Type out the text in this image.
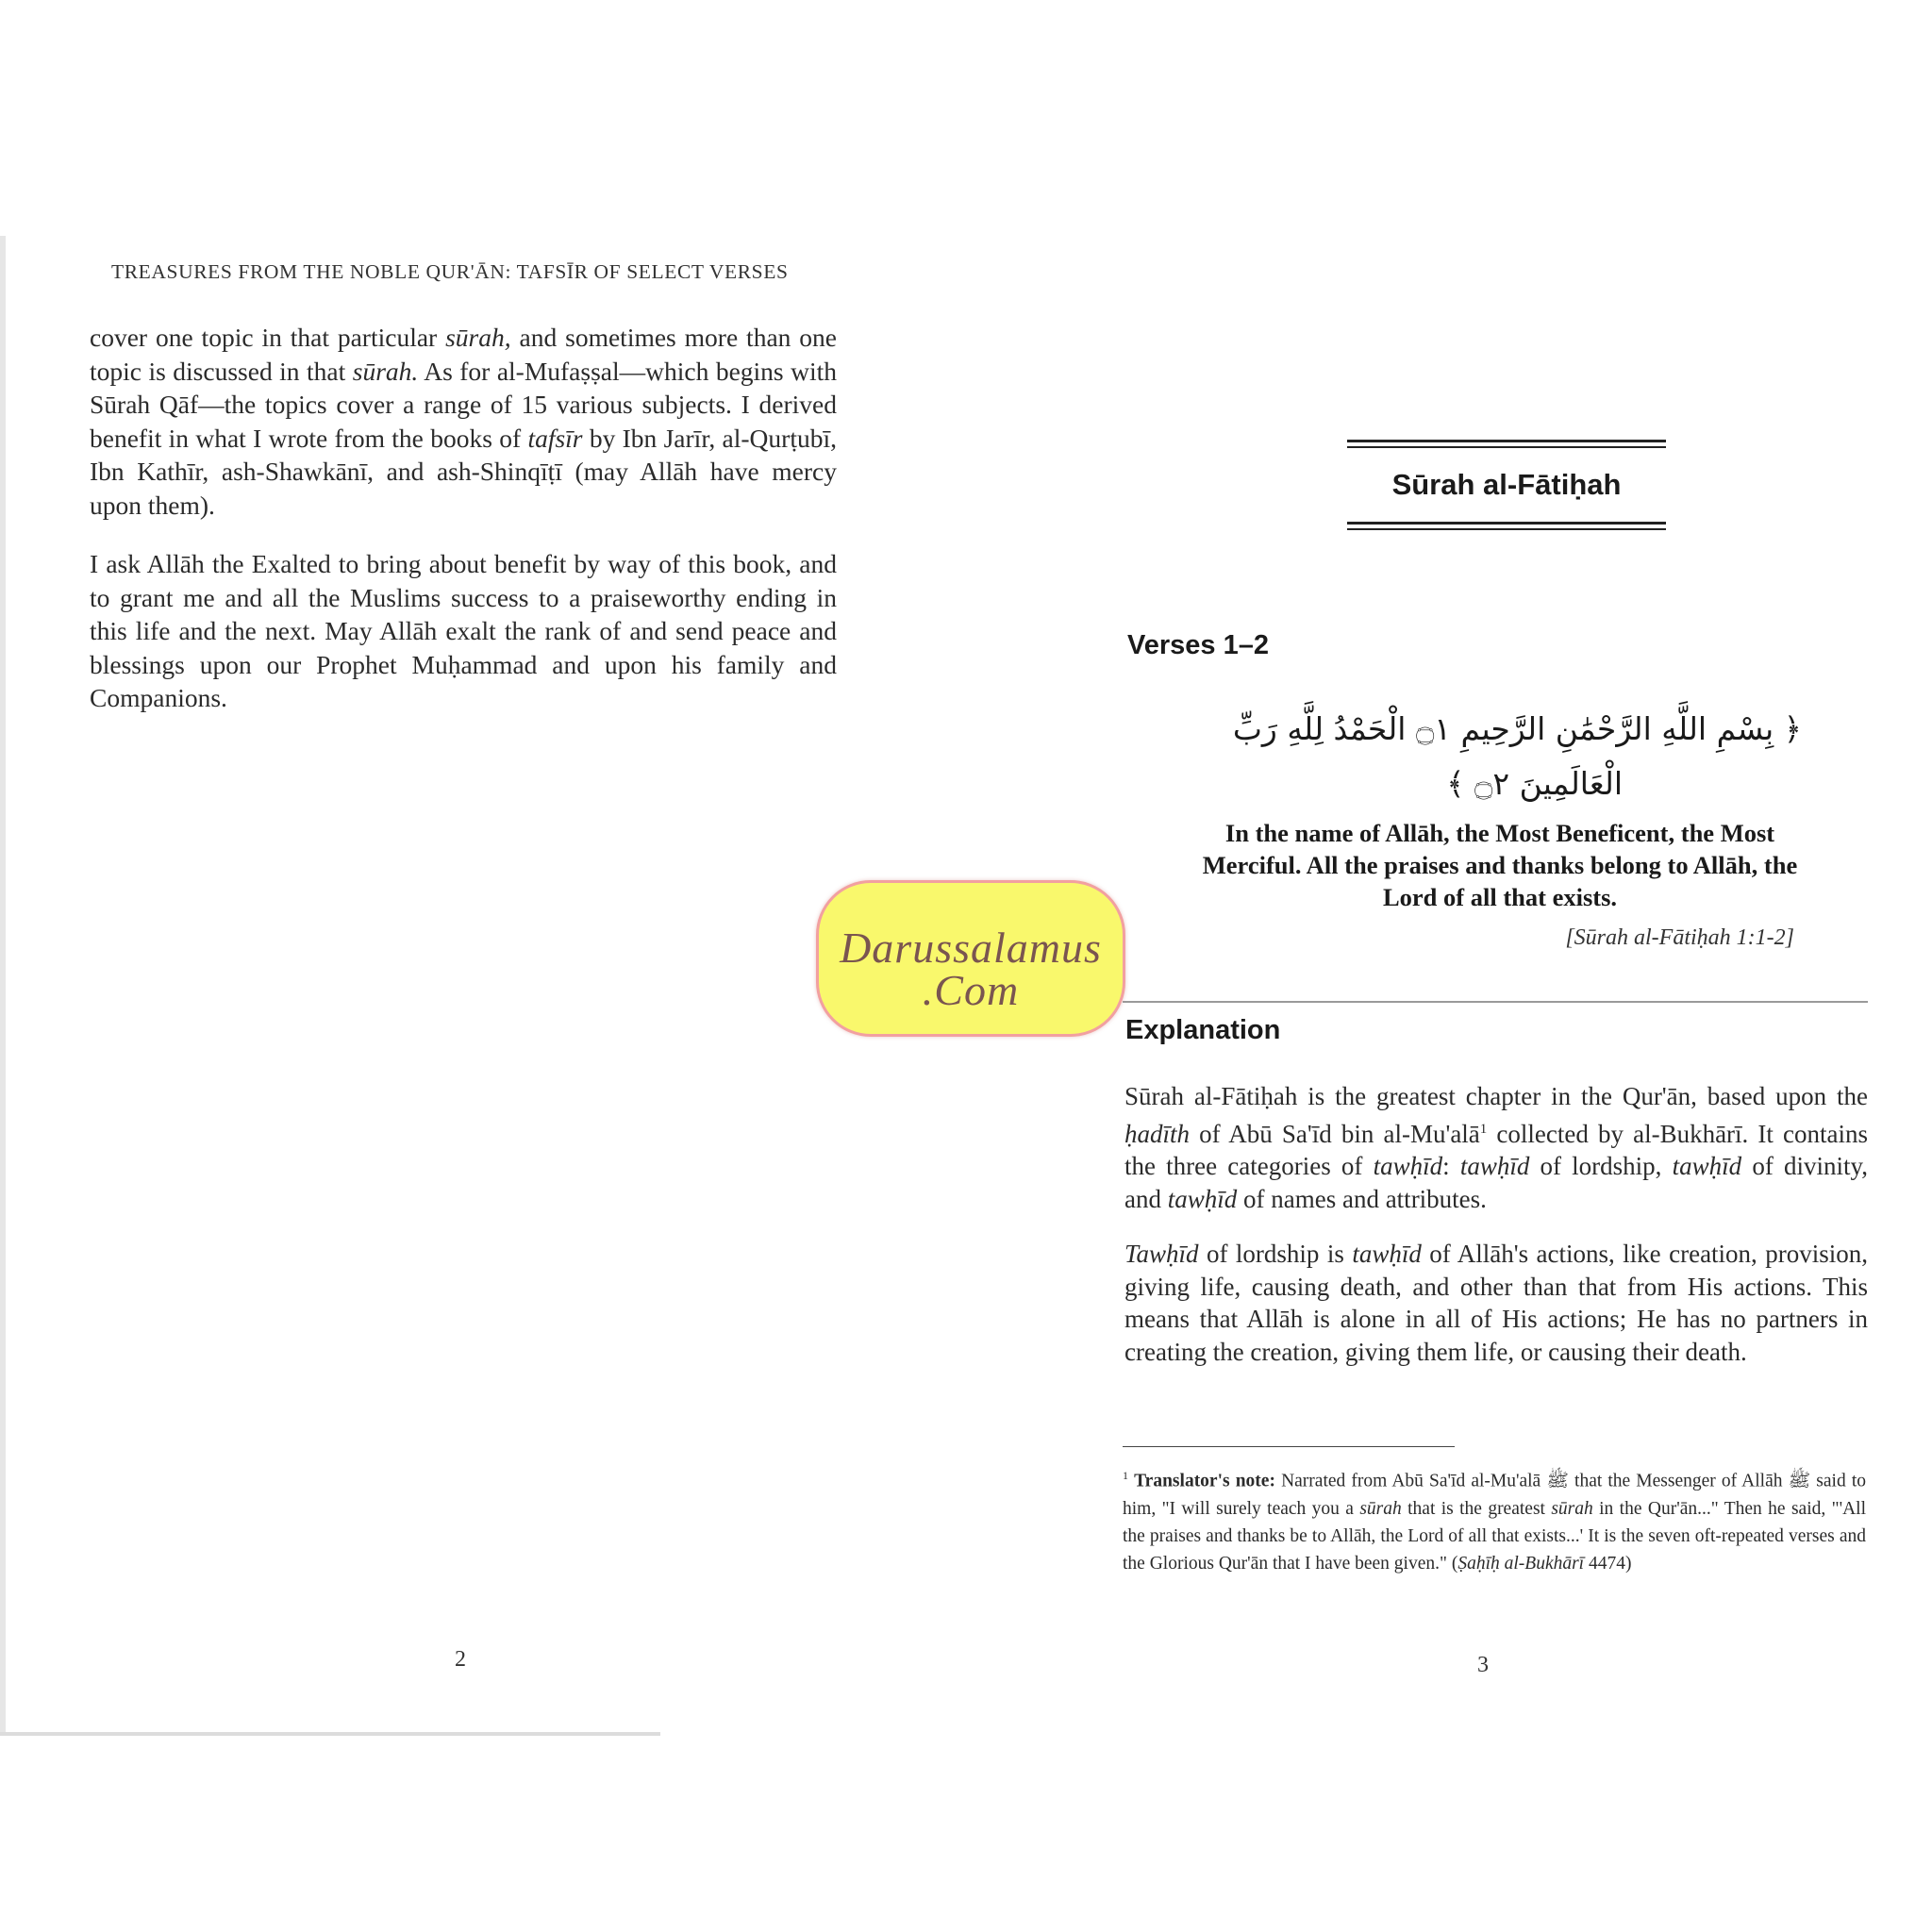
TREASURES FROM THE NOBLE QUR'ĀN: TAFSĪR OF SELECT VERSES

cover one topic in that particular sūrah, and sometimes more than one topic is discussed in that sūrah. As for al-Mufaṣṣal—which begins with Sūrah Qāf—the topics cover a range of 15 various subjects. I derived benefit in what I wrote from the books of tafsīr by Ibn Jarīr, al-Qurṭubī, Ibn Kathīr, ash-Shawkānī, and ash-Shinqīṭī (may Allāh have mercy upon them).

I ask Allāh the Exalted to bring about benefit by way of this book, and to grant me and all the Muslims success to a praiseworthy ending in this life and the next. May Allāh exalt the rank of and send peace and blessings upon our Prophet Muḥammad and upon his family and Companions.

2
Sūrah al-Fātiḥah
Verses 1–2
﴿ بِسْمِ اللَّهِ الرَّحْمَٰنِ الرَّحِيمِ ۝١ الْحَمْدُ لِلَّهِ رَبِّ
الْعَالَمِينَ ۝٢ ﴾
In the name of Allāh, the Most Beneficent, the Most Merciful. All the praises and thanks belong to Allāh, the Lord of all that exists.
[Sūrah al-Fātiḥah 1:1-2]
Explanation

Sūrah al-Fātiḥah is the greatest chapter in the Qur'ān, based upon the ḥadīth of Abū Sa'īd bin al-Mu'alā$^1$ collected by al-Bukhārī. It contains the three categories of tawḥīd: tawḥīd of lordship, tawḥīd of divinity, and tawḥīd of names and attributes.

Tawḥīd of lordship is tawḥīd of Allāh's actions, like creation, provision, giving life, causing death, and other than that from His actions. This means that Allāh is alone in all of His actions; He has no partners in creating the creation, giving them life, or causing their death.

$^1$ Translator's note: Narrated from Abū Sa'īd al-Mu'alā ﷺ that the Messenger of Allāh ﷺ said to him, "I will surely teach you a sūrah that is the greatest sūrah in the Qur'ān..." Then he said, "'All the praises and thanks be to Allāh, the Lord of all that exists...' It is the seven oft-repeated verses and the Glorious Qur'ān that I have been given." (Ṣaḥīḥ al-Bukhārī 4474)
3
Darussalamus
.Com
